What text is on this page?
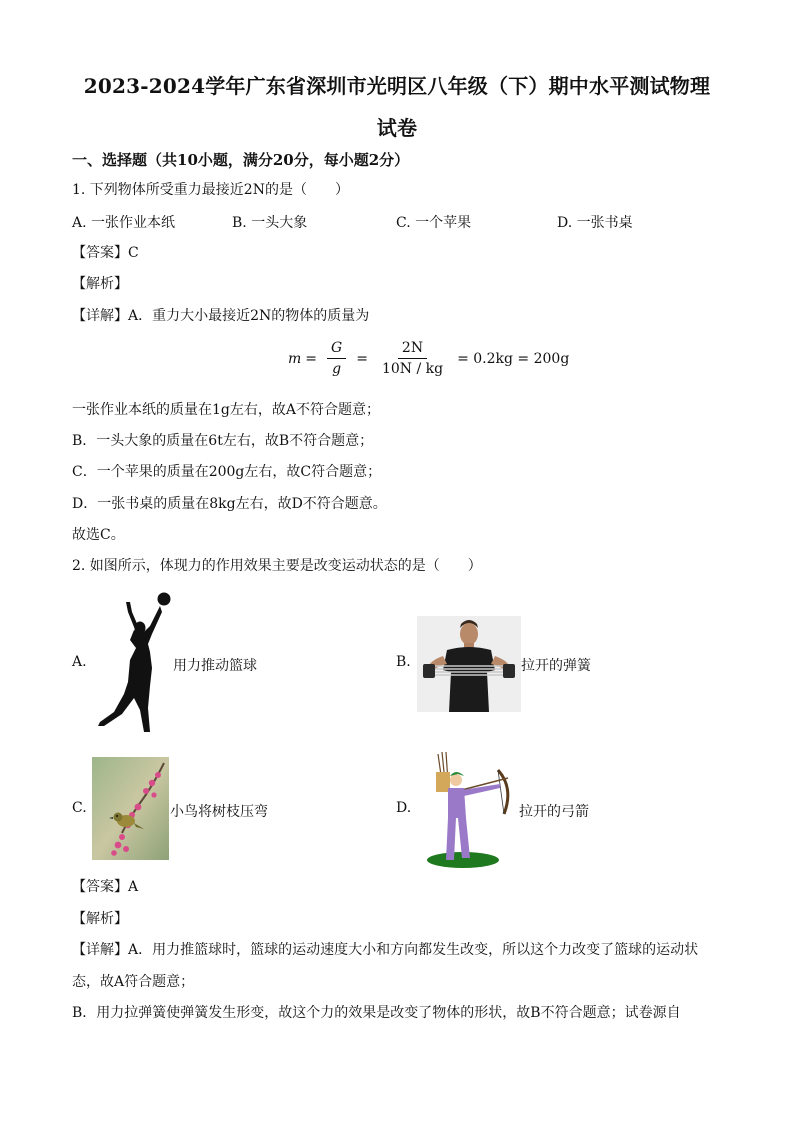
2023-2024学年广东省深圳市光明区八年级（下）期中水平测试物理
试卷
一、选择题（共10小题，满分20分，每小题2分）
1. 下列物体所受重力最接近2N的是（　　）
A. 一张作业本纸	B. 一头大象	C. 一个苹果	D. 一张书桌
【答案】C
【解析】
【详解】A．重力大小最接近2N的物体的质量为
$m = \frac{G}{g} = \frac{2N}{10N / kg} = 0.2kg = 200g$
一张作业本纸的质量在1g左右，故A不符合题意；
B．一头大象的质量在6t左右，故B不符合题意；
C．一个苹果的质量在200g左右，故C符合题意；
D．一张书桌的质量在8kg左右，故D不符合题意。
故选C。
2. 如图所示，体现力的作用效果主要是改变运动状态的是（　　）
A.	用力推动篮球	B.	拉开的弹簧
C.	小鸟将树枝压弯	D.	拉开的弓箭
【答案】A
【解析】
【详解】A．用力推篮球时，篮球的运动速度大小和方向都发生改变，所以这个力改变了篮球的运动状
态，故A符合题意；
B．用力拉弹簧使弹簧发生形变，故这个力的效果是改变了物体的形状，故B不符合题意；试卷源自
